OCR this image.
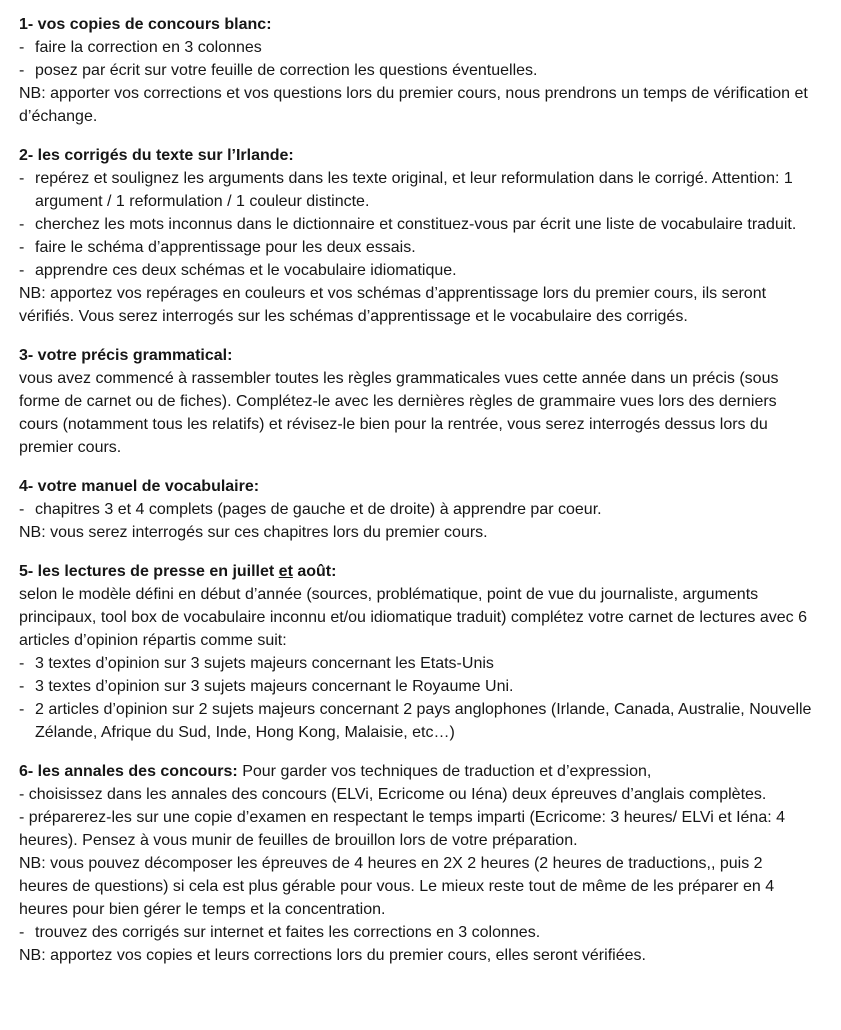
1- vos copies de concours blanc:

- faire la correction en 3 colonnes
- posez par écrit sur votre feuille de correction les questions éventuelles.

NB: apporter vos corrections et vos questions lors du premier cours, nous prendrons un temps de vérification et d’échange.

2- les corrigés du texte sur l’Irlande:

- repérez et soulignez les arguments dans les texte original, et leur reformulation dans le corrigé. Attention: 1 argument / 1 reformulation / 1 couleur distincte.
- cherchez les mots inconnus dans le dictionnaire et constituez-vous par écrit une liste de vocabulaire traduit.
- faire le schéma d’apprentissage pour les deux essais.
- apprendre ces deux schémas et le vocabulaire idiomatique.

NB: apportez vos repérages en couleurs et vos schémas d’apprentissage lors du premier cours, ils seront vérifiés. Vous serez interrogés sur les schémas d’apprentissage et le vocabulaire des corrigés.

3- votre précis grammatical:

vous avez commencé à rassembler toutes les règles grammaticales vues cette année dans un précis (sous forme de carnet ou de fiches). Complétez-le avec les dernières règles de grammaire vues lors des derniers cours (notamment tous les relatifs) et révisez-le bien pour la rentrée, vous serez interrogés dessus lors du premier cours.

4- votre manuel de vocabulaire:

- chapitres 3 et 4 complets (pages de gauche et de droite) à apprendre par coeur.

NB: vous serez interrogés sur ces chapitres lors du premier cours.

5- les lectures de presse en juillet et août:

selon le modèle défini en début d’année (sources, problématique, point de vue du journaliste, arguments principaux, tool box de vocabulaire inconnu et/ou idiomatique traduit) complétez votre carnet de lectures avec 6 articles d’opinion répartis comme suit:

- 3 textes d’opinion sur 3 sujets majeurs concernant les Etats-Unis
- 3 textes d’opinion sur 3 sujets majeurs concernant le Royaume Uni.
- 2 articles d’opinion sur 2 sujets majeurs concernant 2 pays anglophones (Irlande, Canada, Australie, Nouvelle Zélande, Afrique du Sud, Inde, Hong Kong, Malaisie, etc…)

6- les annales des concours: Pour garder vos techniques de traduction et d’expression,

- choisissez dans les annales des concours (ELVi, Ecricome ou Iéna) deux épreuves d’anglais complètes.

- préparerez-les sur une copie d’examen en respectant le temps imparti (Ecricome: 3 heures/ ELVi et Iéna: 4 heures). Pensez à vous munir de feuilles de brouillon lors de votre préparation.

NB: vous pouvez décomposer les épreuves de 4 heures en 2X 2 heures (2 heures de traductions,, puis 2 heures de questions) si cela est plus gérable pour vous. Le mieux reste tout de même de les préparer en 4 heures pour bien gérer le temps et la concentration.

- trouvez des corrigés sur internet et faites les corrections en 3 colonnes.

NB: apportez vos copies et leurs corrections lors du premier cours, elles seront vérifiées.
